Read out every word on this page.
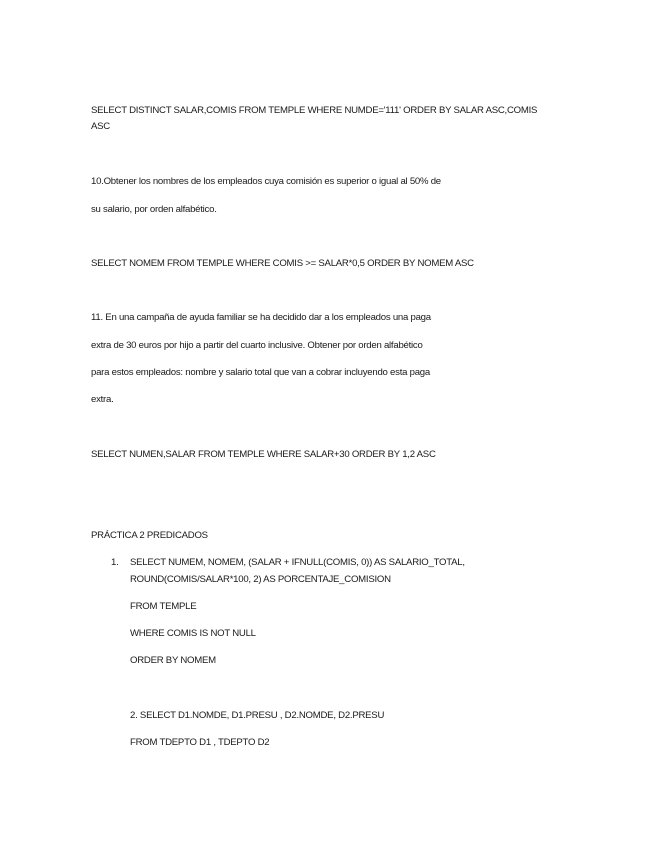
SELECT DISTINCT SALAR,COMIS FROM TEMPLE WHERE NUMDE='111' ORDER BY SALAR ASC,COMIS

ASC

10.Obtener los nombres de los empleados cuya comisión es superior o igual al 50% de

su salario, por orden alfabético.

SELECT NOMEM FROM TEMPLE WHERE COMIS >= SALAR*0,5 ORDER BY NOMEM ASC

11. En una campaña de ayuda familiar se ha decidido dar a los empleados una paga

extra de 30 euros por hijo a partir del cuarto inclusive. Obtener por orden alfabético

para estos empleados: nombre y salario total que van a cobrar incluyendo esta paga

extra.

SELECT NUMEN,SALAR FROM TEMPLE WHERE SALAR+30 ORDER BY 1,2 ASC

PRÁCTICA 2 PREDICADOS

1. SELECT NUMEM, NOMEM, (SALAR + IFNULL(COMIS, 0)) AS SALARIO_TOTAL,

ROUND(COMIS/SALAR*100, 2) AS PORCENTAJE_COMISION

FROM TEMPLE

WHERE COMIS IS NOT NULL

ORDER BY NOMEM

2. SELECT D1.NOMDE, D1.PRESU , D2.NOMDE, D2.PRESU

FROM TDEPTO D1 , TDEPTO D2
